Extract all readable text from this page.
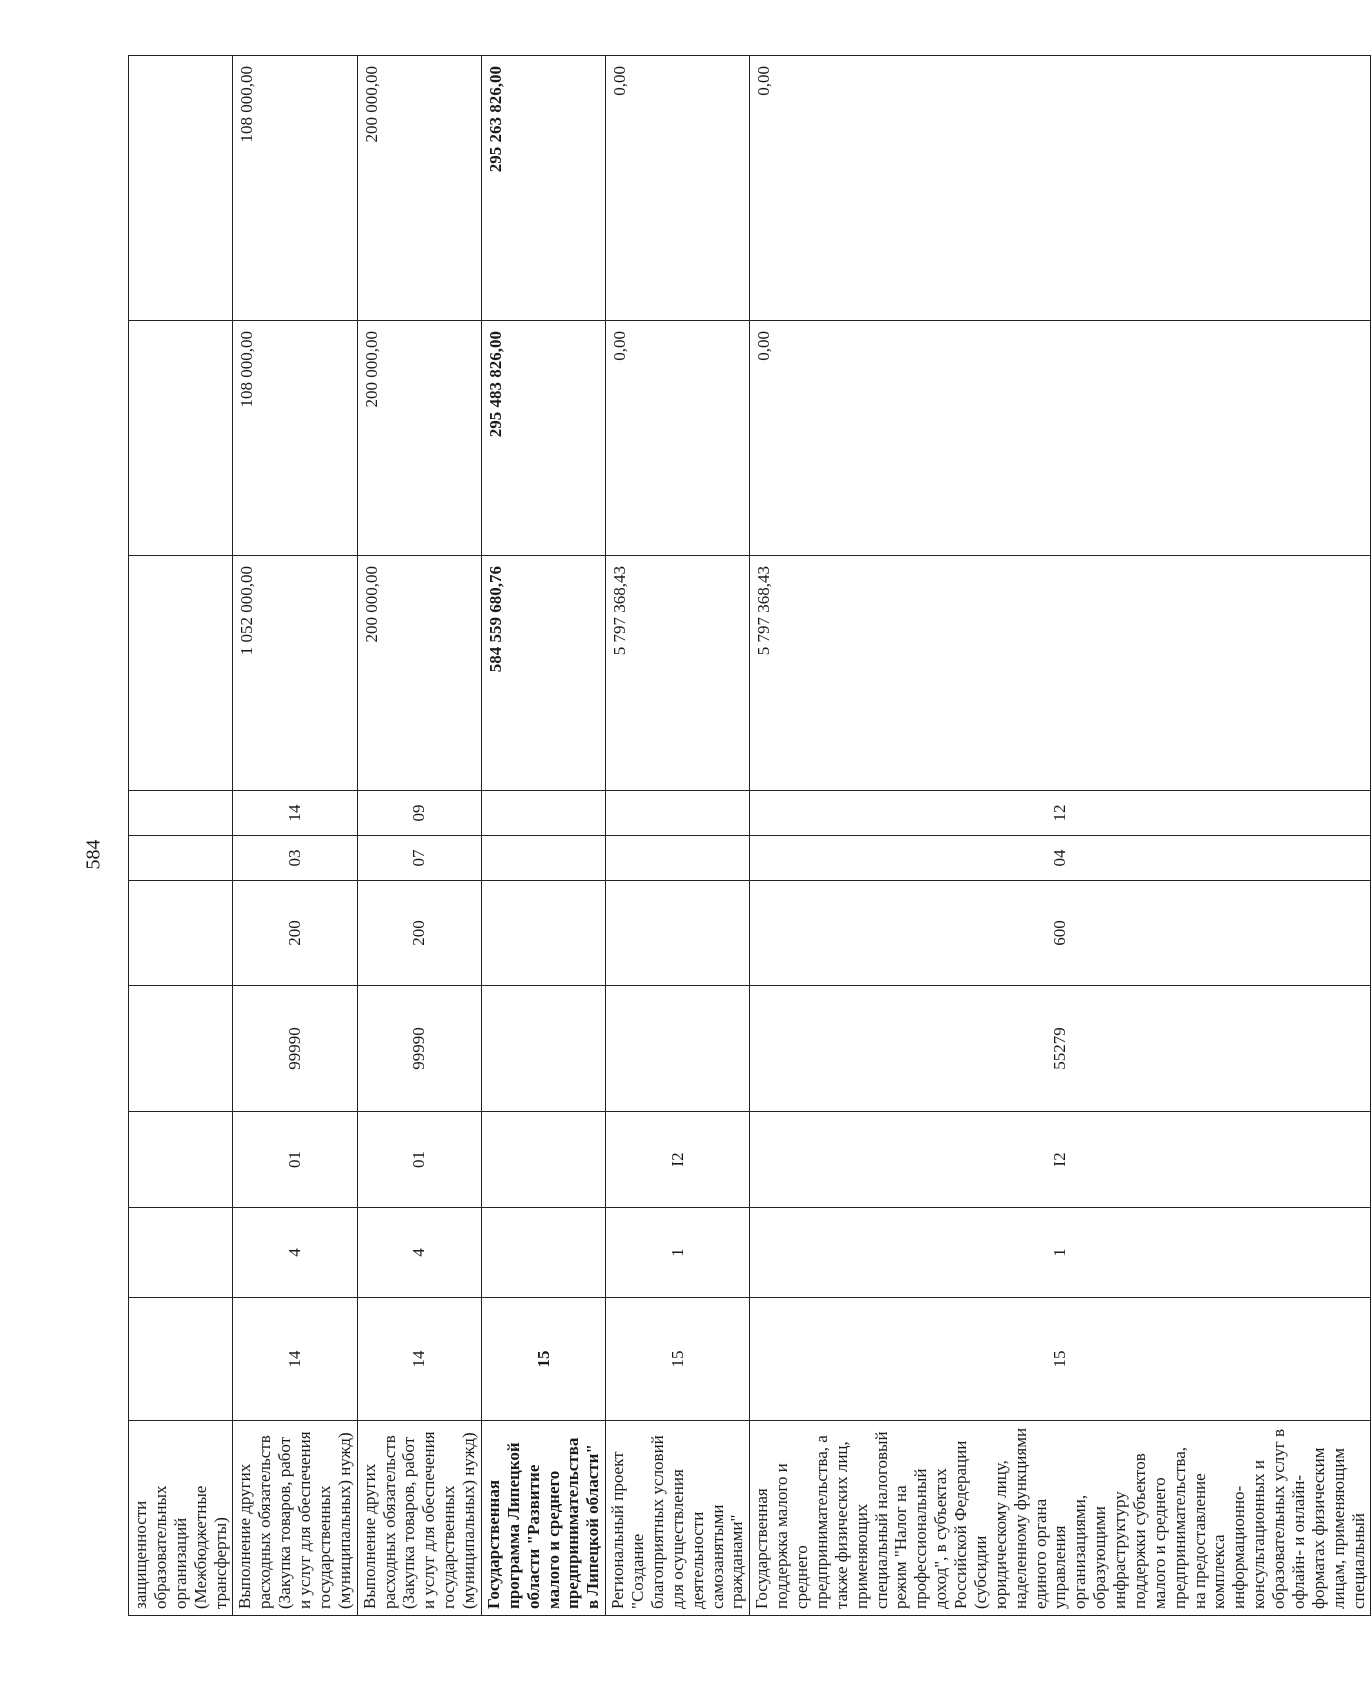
584
защищенности образовательных организаций (Межбюджетные трансферты)										
Выполнение других расходных обязательств (Закупка товаров, работ и услуг для обеспечения государственных (муниципальных) нужд)	14	4	01	99990	200	03	14	1 052 000,00	108 000,00	108 000,00
Выполнение других расходных обязательств (Закупка товаров, работ и услуг для обеспечения государственных (муниципальных) нужд)	14	4	01	99990	200	07	09	200 000,00	200 000,00	200 000,00
Государственная программа Липецкой области "Развитие малого и среднего предпринимательства в Липецкой области"	15							584 559 680,76	295 483 826,00	295 263 826,00
Региональный проект "Создание благоприятных условий для осуществления деятельности самозанятыми гражданами"	15	1	I2					5 797 368,43	0,00	0,00
Государственная поддержка малого и среднего предпринимательства, а также физических лиц, применяющих специальный налоговый режим "Налог на профессиональный доход", в субъектах Российской Федерации (субсидии юридическому лицу, наделенному функциями единого органа управления организациями, образующими инфраструктуру поддержки субъектов малого и среднего предпринимательства, на предоставление комплекса информационно-консультационных и образовательных услуг в офлайн- и онлайн-форматах физическим лицам, применяющим специальный	15	1	I2	55279	600	04	12	5 797 368,43	0,00	0,00
